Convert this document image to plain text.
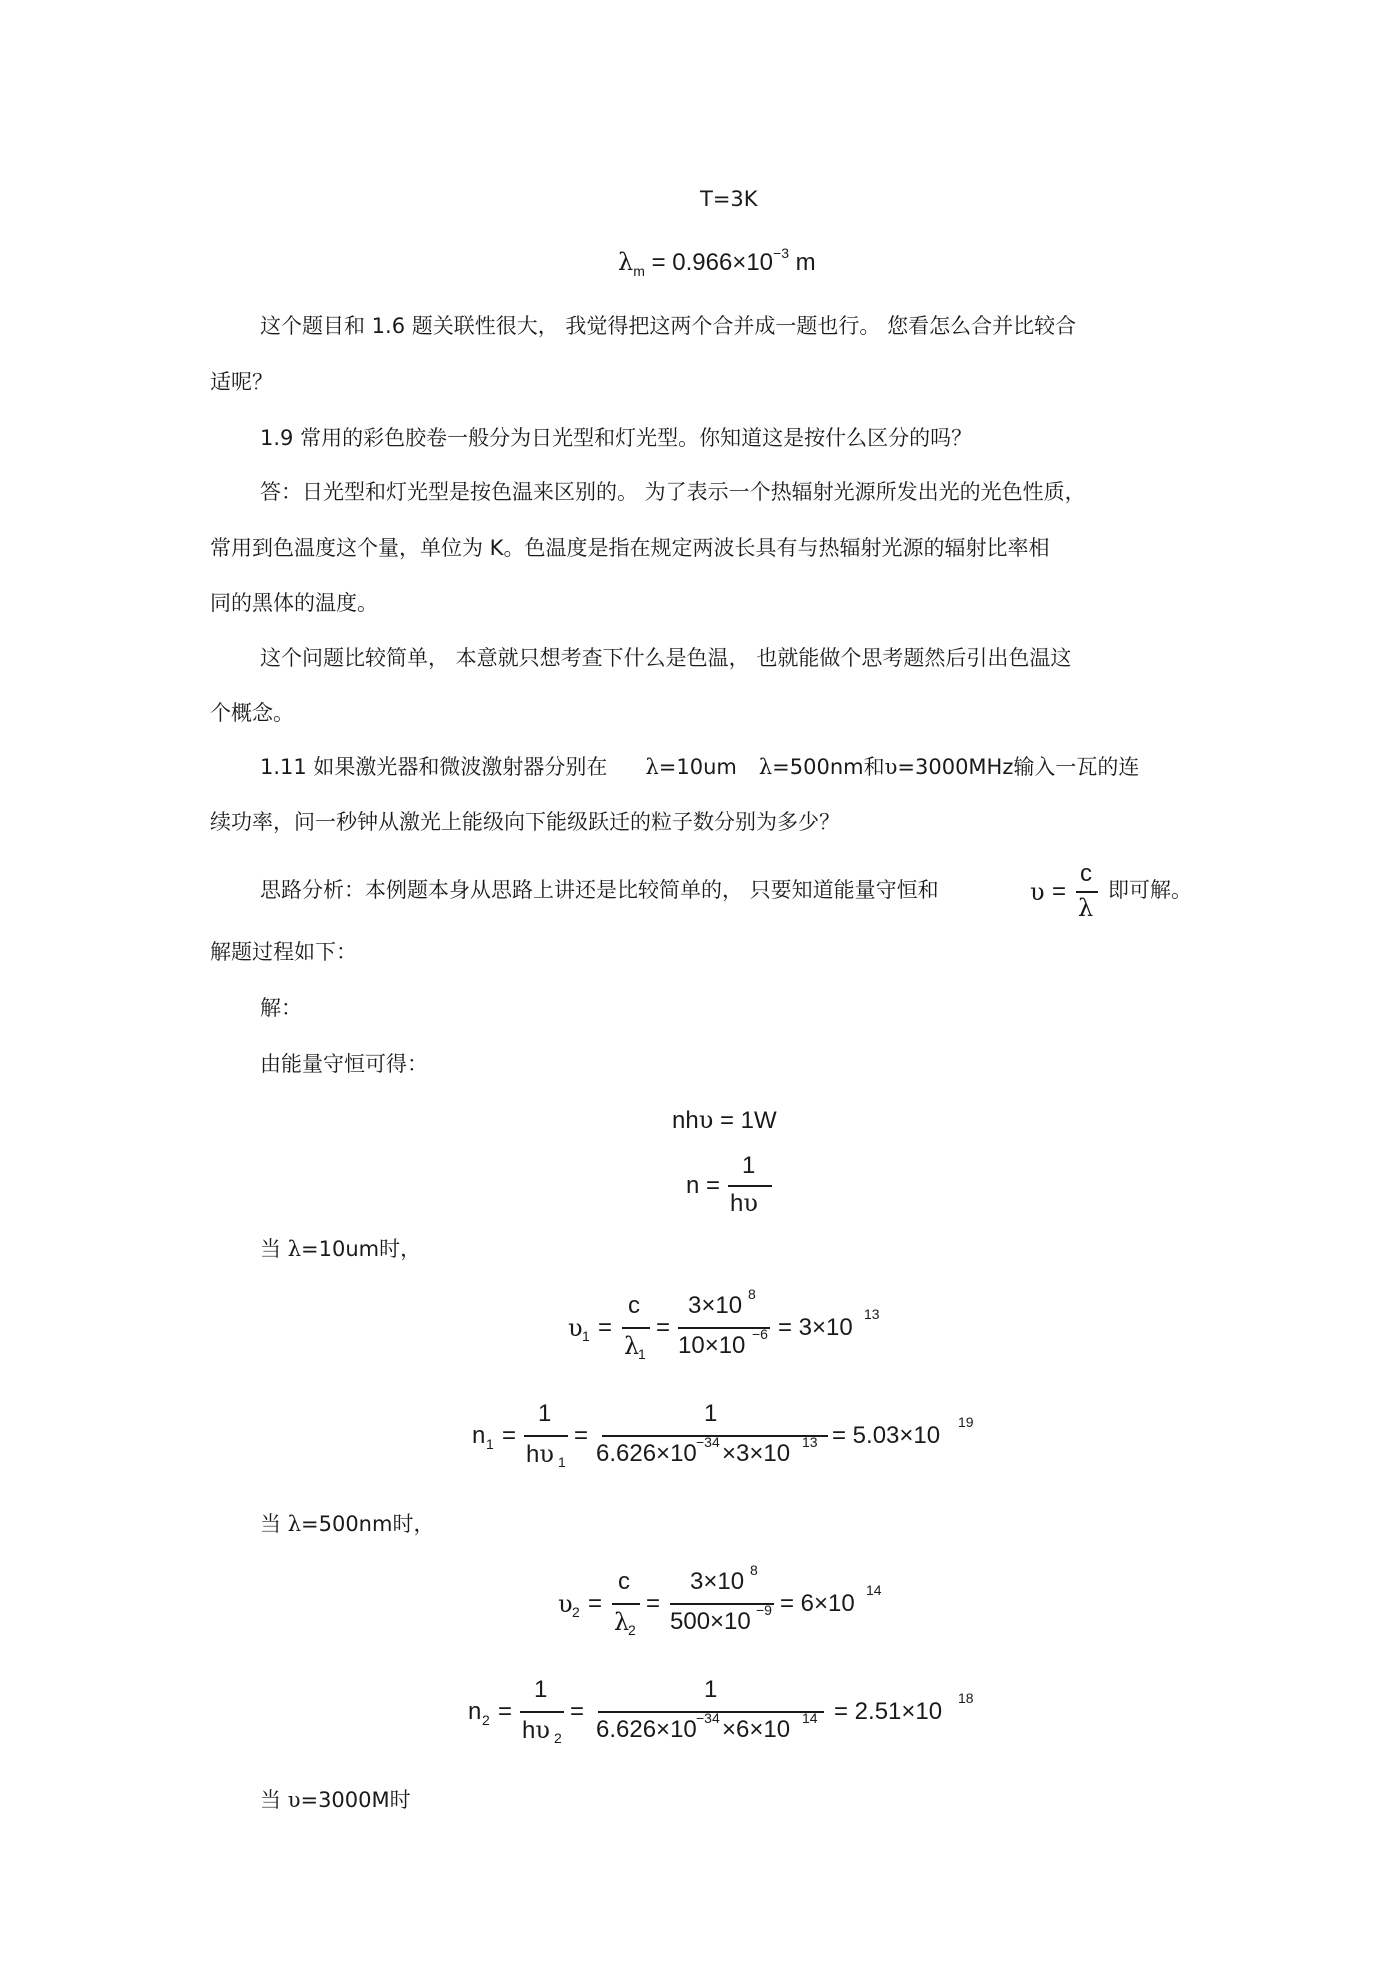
T=3K
$\lambda_m = 0.966\times 10^{-3}$ m
这个题目和 1.6 题关联性很大， 我觉得把这两个合并成一题也行。 您看怎么合并比较合
适呢？
1.9 常用的彩色胶卷一般分为日光型和灯光型。你知道这是按什么区分的吗？
答：日光型和灯光型是按色温来区别的。 为了表示一个热辐射光源所发出光的光色性质，
常用到色温度这个量，单位为 K。色温度是指在规定两波长具有与热辐射光源的辐射比率相
同的黑体的温度。
这个问题比较简单， 本意就只想考查下什么是色温， 也就能做个思考题然后引出色温这
个概念。
1.11 如果激光器和微波激射器分别在 λ=10um λ=500nm和υ=3000MHz输入一瓦的连
续功率，问一秒钟从激光上能级向下能级跃迁的粒子数分别为多少？
思路分析：本例题本身从思路上讲还是比较简单的， 只要知道能量守恒和	υ =
c
λ
即可解。
解题过程如下：
解：
由能量守恒可得：
nhυ = 1W
n =
1
hυ
当 λ=10um时，
υ 1 =
c
λ
1
=
3×10 8
10×10 −6 = 3×10 13
n 1 =
1
hυ 1
=
1
6.626×10 −34 ×3×10 13 = 5.03×10 19
当 λ=500nm时，
υ 2 =
c
λ
2
=
3×10 8
500×10 −9 = 6×10 14
n 2 =
1
hυ 2
=
1
6.626×10 −34 ×6×10 14 = 2.51×10 18
当 υ=3000M时
